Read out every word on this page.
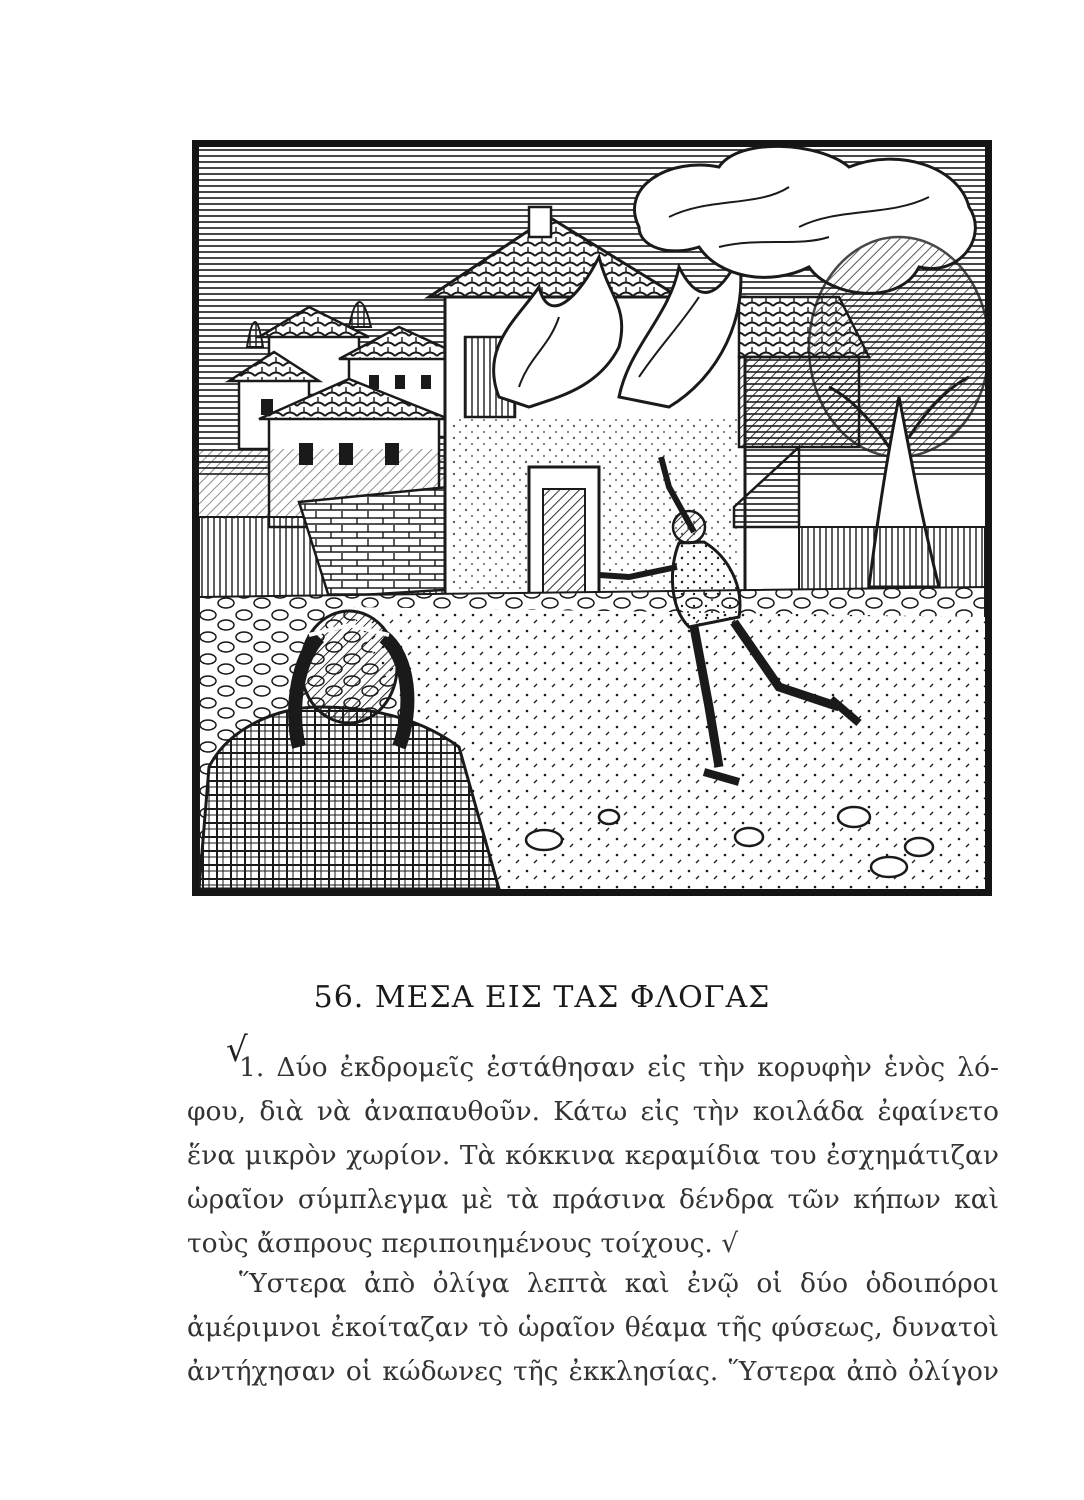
56. ΜΕΣΑ ΕΙΣ ΤΑΣ ΦΛΟΓΑΣ
√
1. Δύο ἐκδρομεῖς ἐστάθησαν εἰς τὴν κορυφὴν ἑνὸς λό-
φου, διὰ νὰ ἀναπαυθοῦν. Κάτω εἰς τὴν κοιλάδα ἐφαίνετο
ἕνα μικρὸν χωρίον. Τὰ κόκκινα κεραμίδια του ἐσχημάτιζαν
ὡραῖον σύμπλεγμα μὲ τὰ πράσινα δένδρα τῶν κήπων καὶ
τοὺς ἄσπρους περιποιημένους τοίχους. √
Ὕστερα ἀπὸ ὀλίγα λεπτὰ καὶ ἐνῷ οἱ δύο ὁδοιπόροι
ἀμέριμνοι ἐκοίταζαν τὸ ὡραῖον θέαμα τῆς φύσεως, δυνατοὶ
ἀντήχησαν οἱ κώδωνες τῆς ἐκκλησίας. Ὕστερα ἀπὸ ὀλίγον
